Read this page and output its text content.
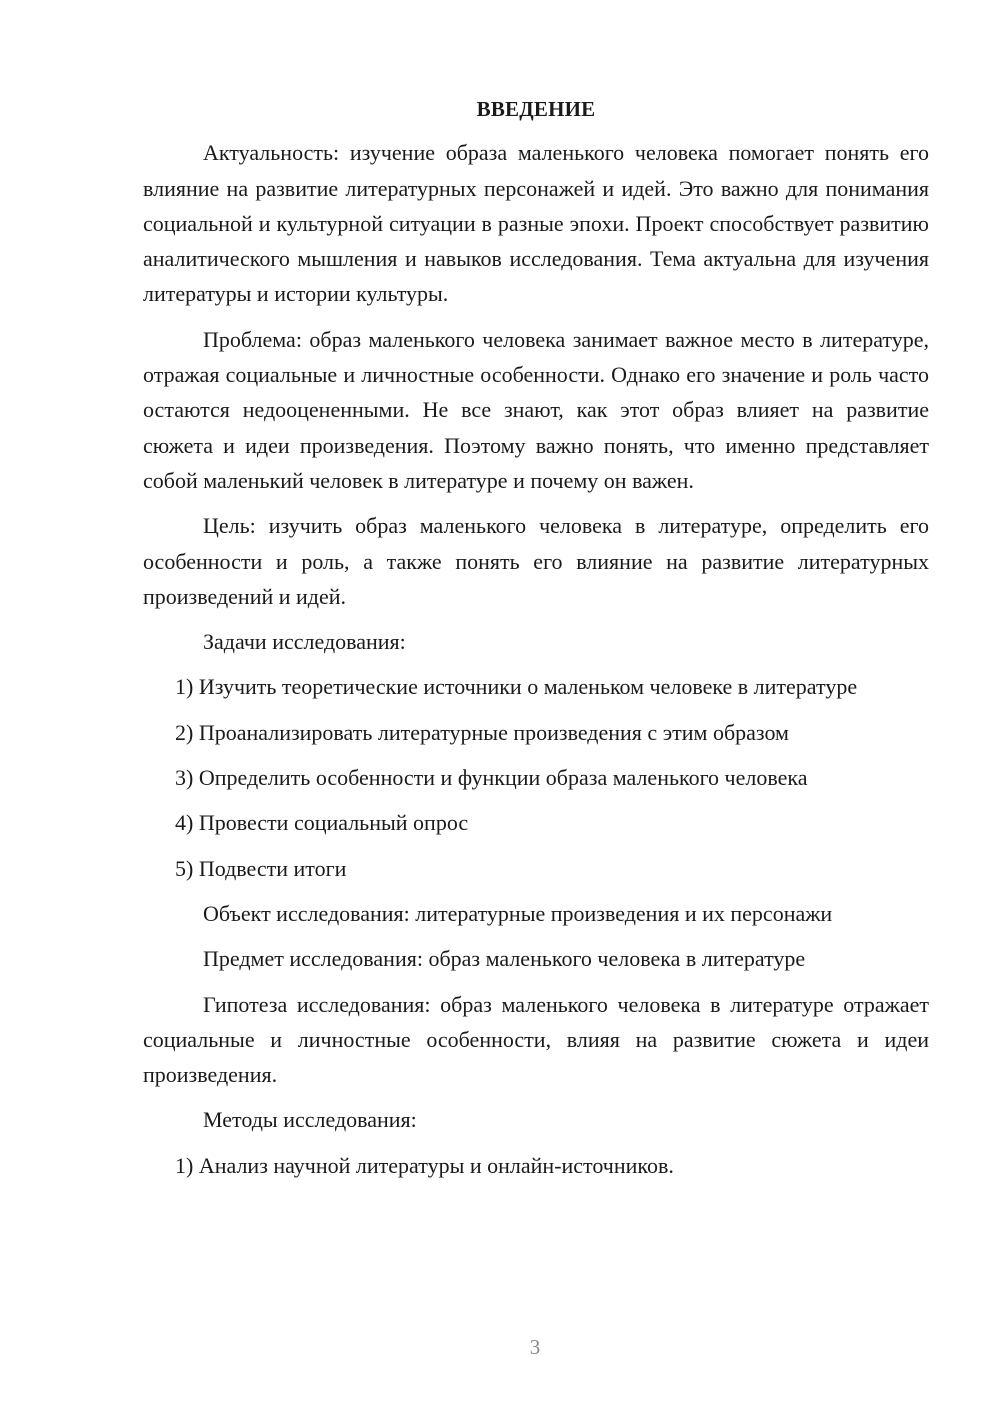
ВВЕДЕНИЕ

Актуальность: изучение образа маленького человека помогает понять его влияние на развитие литературных персонажей и идей. Это важно для понимания социальной и культурной ситуации в разные эпохи. Проект способствует развитию аналитического мышления и навыков исследования. Тема актуальна для изучения литературы и истории культуры.

Проблема: образ маленького человека занимает важное место в литературе, отражая социальные и личностные особенности. Однако его значение и роль часто остаются недооцененными. Не все знают, как этот образ влияет на развитие сюжета и идеи произведения. Поэтому важно понять, что именно представляет собой маленький человек в литературе и почему он важен.

Цель: изучить образ маленького человека в литературе, определить его особенности и роль, а также понять его влияние на развитие литературных произведений и идей.

Задачи исследования:

1) Изучить теоретические источники о маленьком человеке в литературе

2) Проанализировать литературные произведения с этим образом

3) Определить особенности и функции образа маленького человека

4) Провести социальный опрос

5) Подвести итоги

Объект исследования: литературные произведения и их персонажи

Предмет исследования: образ маленького человека в литературе

Гипотеза исследования: образ маленького человека в литературе отражает социальные и личностные особенности, влияя на развитие сюжета и идеи произведения.

Методы исследования:

1) Анализ научной литературы и онлайн-источников.

3
